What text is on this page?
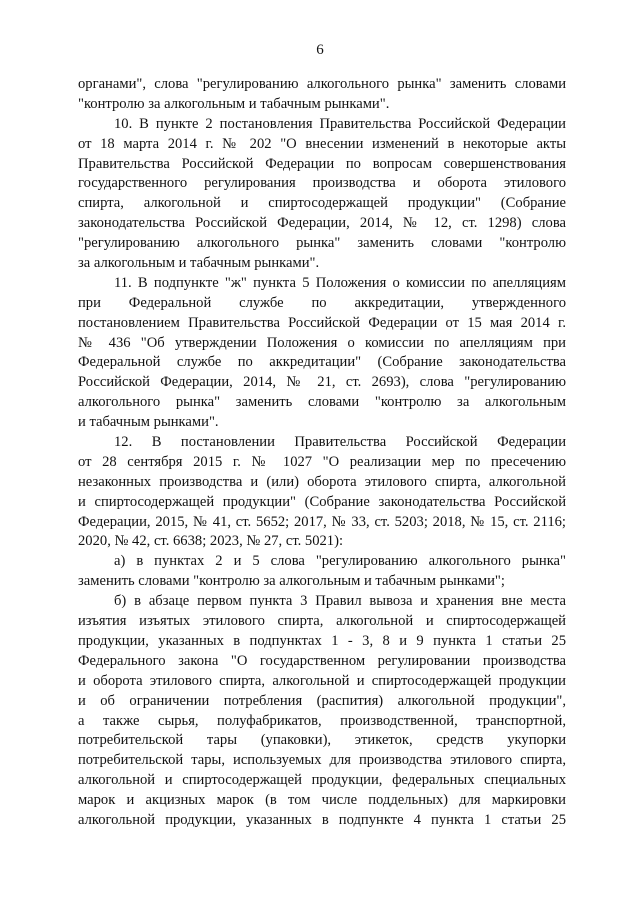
6
органами", слова "регулированию алкогольного рынка" заменить словами
"контролю за алкогольным и табачным рынками".
10. В пункте 2 постановления Правительства Российской Федерации
от 18 марта 2014 г. № 202 "О внесении изменений в некоторые акты
Правительства Российской Федерации по вопросам совершенствования
государственного регулирования производства и оборота этилового
спирта, алкогольной и спиртосодержащей продукции" (Собрание
законодательства Российской Федерации, 2014, № 12, ст. 1298) слова
"регулированию алкогольного рынка" заменить словами "контролю
за алкогольным и табачным рынками".
11. В подпункте "ж" пункта 5 Положения о комиссии по апелляциям
при Федеральной службе по аккредитации, утвержденного
постановлением Правительства Российской Федерации от 15 мая 2014 г.
№ 436 "Об утверждении Положения о комиссии по апелляциям при
Федеральной службе по аккредитации" (Собрание законодательства
Российской Федерации, 2014, № 21, ст. 2693), слова "регулированию
алкогольного рынка" заменить словами "контролю за алкогольным
и табачным рынками".
12. В постановлении Правительства Российской Федерации
от 28 сентября 2015 г. № 1027 "О реализации мер по пресечению
незаконных производства и (или) оборота этилового спирта, алкогольной
и спиртосодержащей продукции" (Собрание законодательства Российской
Федерации, 2015, № 41, ст. 5652; 2017, № 33, ст. 5203; 2018, № 15, ст. 2116;
2020, № 42, ст. 6638; 2023, № 27, ст. 5021):
а) в пунктах 2 и 5 слова "регулированию алкогольного рынка"
заменить словами "контролю за алкогольным и табачным рынками";
б) в абзаце первом пункта 3 Правил вывоза и хранения вне места
изъятия изъятых этилового спирта, алкогольной и спиртосодержащей
продукции, указанных в подпунктах 1 - 3, 8 и 9 пункта 1 статьи 25
Федерального закона "О государственном регулировании производства
и оборота этилового спирта, алкогольной и спиртосодержащей продукции
и об ограничении потребления (распития) алкогольной продукции",
а также сырья, полуфабрикатов, производственной, транспортной,
потребительской тары (упаковки), этикеток, средств укупорки
потребительской тары, используемых для производства этилового спирта,
алкогольной и спиртосодержащей продукции, федеральных специальных
марок и акцизных марок (в том числе поддельных) для маркировки
алкогольной продукции, указанных в подпункте 4 пункта 1 статьи 25
